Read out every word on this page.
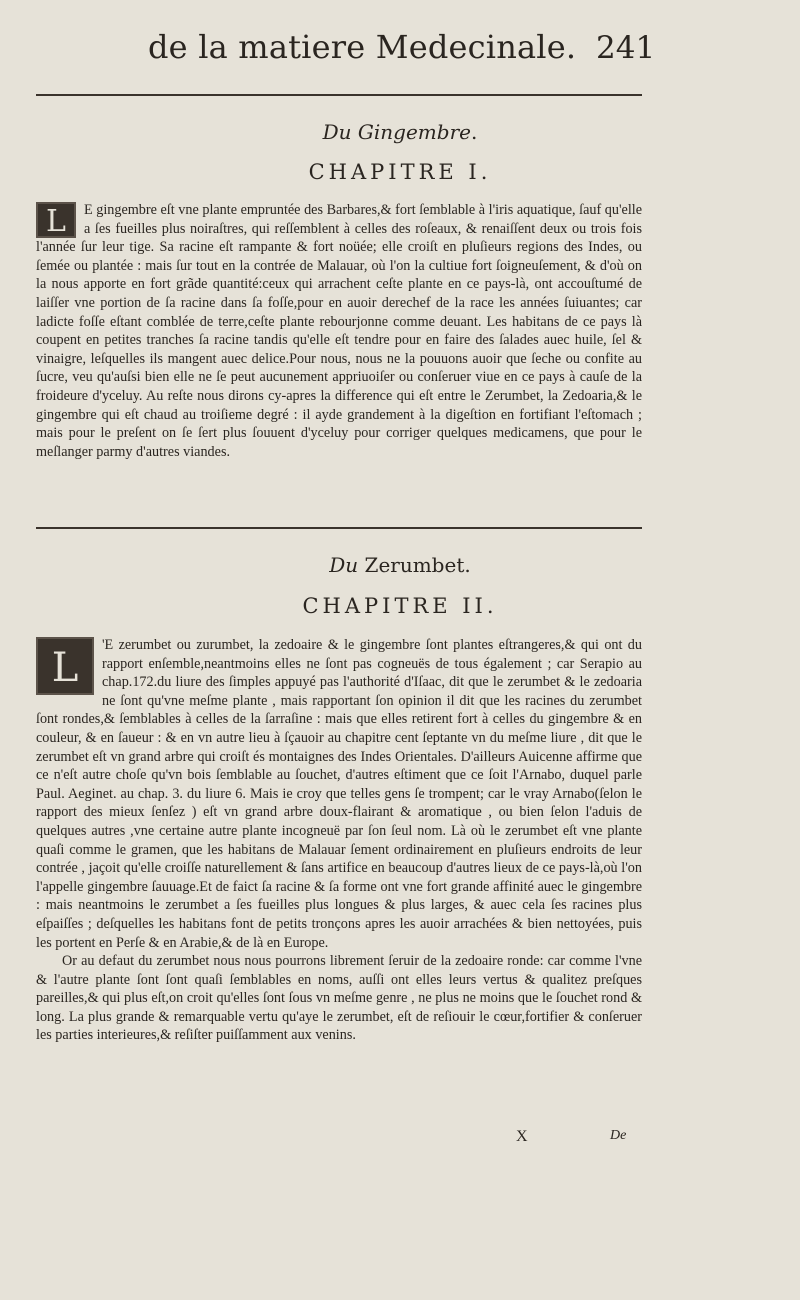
de la matiere Medecinale. 241
Du Gingembre.
CHAPITRE I.

L	E gingembre eſt vne plante empruntée des Barbares,& fort ſemblable à l'iris aquatique, ſauf qu'elle a ſes fueilles plus noiraſtres, qui reſſemblent à celles des roſeaux, & renaiſſent deux ou trois fois l'année ſur leur tige. Sa racine eſt rampante & fort noüée; elle croiſt en pluſieurs regions des Indes, ou ſemée ou plantée : mais ſur tout en la contrée de Malauar, où l'on la cultiue fort ſoigneuſement, & d'où on la nous apporte en fort grãde quantité:ceux qui arrachent ceſte plante en ce pays-là, ont accouſtumé de laiſſer vne portion de ſa racine dans ſa foſſe,pour en auoir derechef de la race les années ſuiuantes; car ladicte foſſe eſtant comblée de terre,ceſte plante rebourjonne comme deuant. Les habitans de ce pays là coupent en petites tranches ſa racine tandis qu'elle eſt tendre pour en faire des ſalades auec huile, ſel & vinaigre, leſquelles ils mangent auec delice.Pour nous, nous ne la pouuons auoir que ſeche ou confite au ſucre, veu qu'auſsi bien elle ne ſe peut aucunement appriuoiſer ou conſeruer viue en ce pays à cauſe de la froideure d'yceluy. Au reſte nous dirons cy-apres la difference qui eſt entre le Zerumbet, la Zedoaria,& le gingembre qui eſt chaud au troiſieme degré : il ayde grandement à la digeſtion en fortifiant l'eſtomach ; mais pour le preſent on ſe ſert plus ſouuent d'yceluy pour corriger quelques medicamens, que pour le meſlanger parmy d'autres viandes.

Du Zerumbet.
CHAPITRE II.

L	'E zerumbet ou zurumbet, la zedoaire & le gingembre ſont plantes eſtrangeres,& qui ont du rapport enſemble,neantmoins elles ne ſont pas cogneuës de tous également ; car Serapio au chap.172.du liure des ſimples appuyé pas l'authorité d'Iſaac, dit que le zerumbet & le zedoaria ne ſont qu'vne meſme plante , mais rapportant ſon opinion il dit que les racines du zerumbet ſont rondes,& ſemblables à celles de la ſarraſine : mais que elles retirent fort à celles du gingembre & en couleur, & en ſaueur : & en vn autre lieu à ſçauoir au chapitre cent ſeptante vn du meſme liure , dit que le zerumbet eſt vn grand arbre qui croiſt és montaignes des Indes Orientales. D'ailleurs Auicenne affirme que ce n'eſt autre choſe qu'vn bois ſemblable au ſouchet, d'autres eſtiment que ce ſoit l'Arnabo, duquel parle Paul. Aeginet. au chap. 3. du liure 6. Mais ie croy que telles gens ſe trompent; car le vray Arnabo(ſelon le rapport des mieux ſenſez ) eſt vn grand arbre doux-flairant & aromatique , ou bien ſelon l'aduis de quelques autres ,vne certaine autre plante incogneuë par ſon ſeul nom. Là où le zerumbet eſt vne plante quaſi comme le gramen, que les habitans de Malauar ſement ordinairement en pluſieurs endroits de leur contrée , jaçoit qu'elle croiſſe naturellement & ſans artifice en beaucoup d'autres lieux de ce pays-là,où l'on l'appelle gingembre ſauuage.Et de faict ſa racine & ſa forme ont vne fort grande affinité auec le gingembre : mais neantmoins le zerumbet a ſes fueilles plus longues & plus larges, & auec cela ſes racines plus eſpaiſſes ; deſquelles les habitans font de petits tronçons apres les auoir arrachées & bien nettoyées, puis les portent en Perſe & en Arabie,& de là en Europe.

Or au defaut du zerumbet nous nous pourrons librement ſeruir de la zedoaire ronde: car comme l'vne & l'autre plante ſont ſont quaſi ſemblables en noms, auſſi ont elles leurs vertus & qualitez preſques pareilles,& qui plus eſt,on croit qu'elles ſont ſous vn meſme genre , ne plus ne moins que le ſouchet rond & long. La plus grande & remarquable vertu qu'aye le zerumbet, eſt de reſiouir le cœur,fortifier & conſeruer les parties interieures,& reſiſter puiſſamment aux venins.

X	De
